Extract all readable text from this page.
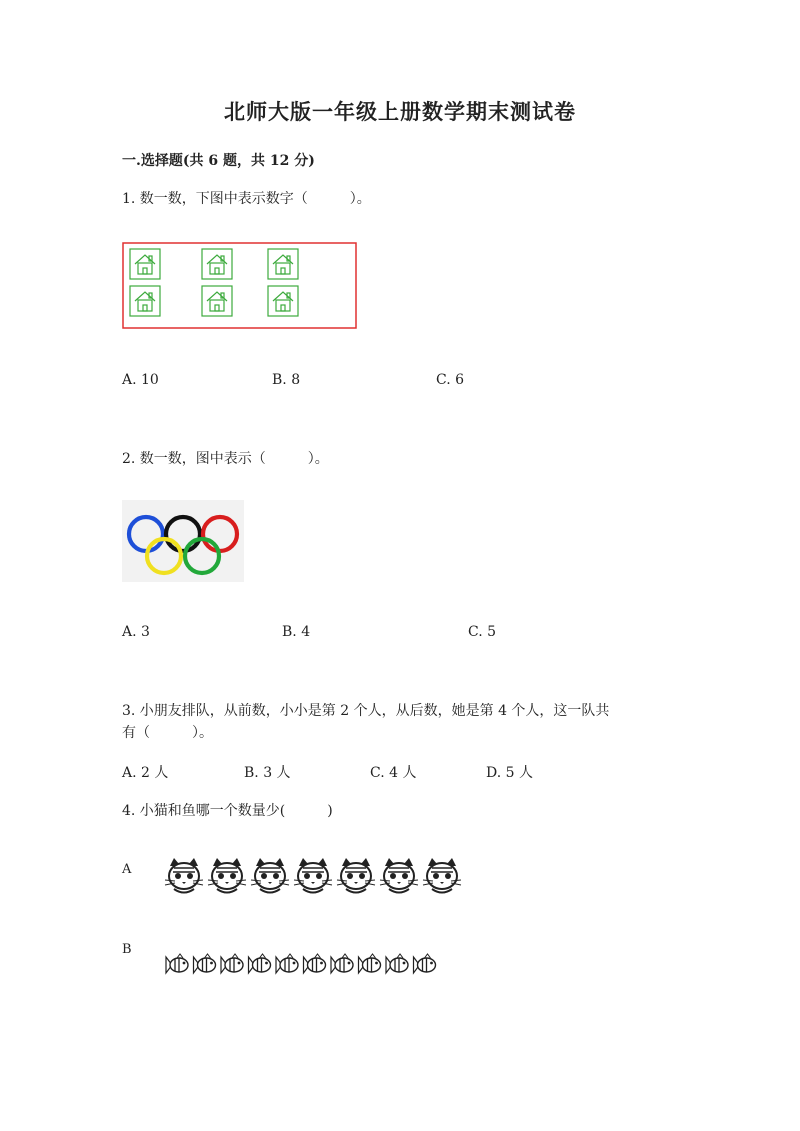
北师大版一年级上册数学期末测试卷
一.选择题(共 6 题，共 12 分)
1. 数一数，下图中表示数字（　　　）。
A. 10	B. 8	C. 6
2. 数一数，图中表示（　　　）。
A. 3	B. 4	C. 5
3. 小朋友排队，从前数，小小是第 2 个人，从后数，她是第 4 个人，这一队共
有（　　　）。
A. 2 人	B. 3 人	C. 4 人	D. 5 人
4. 小猫和鱼哪一个数量少(　　　)
A
B
